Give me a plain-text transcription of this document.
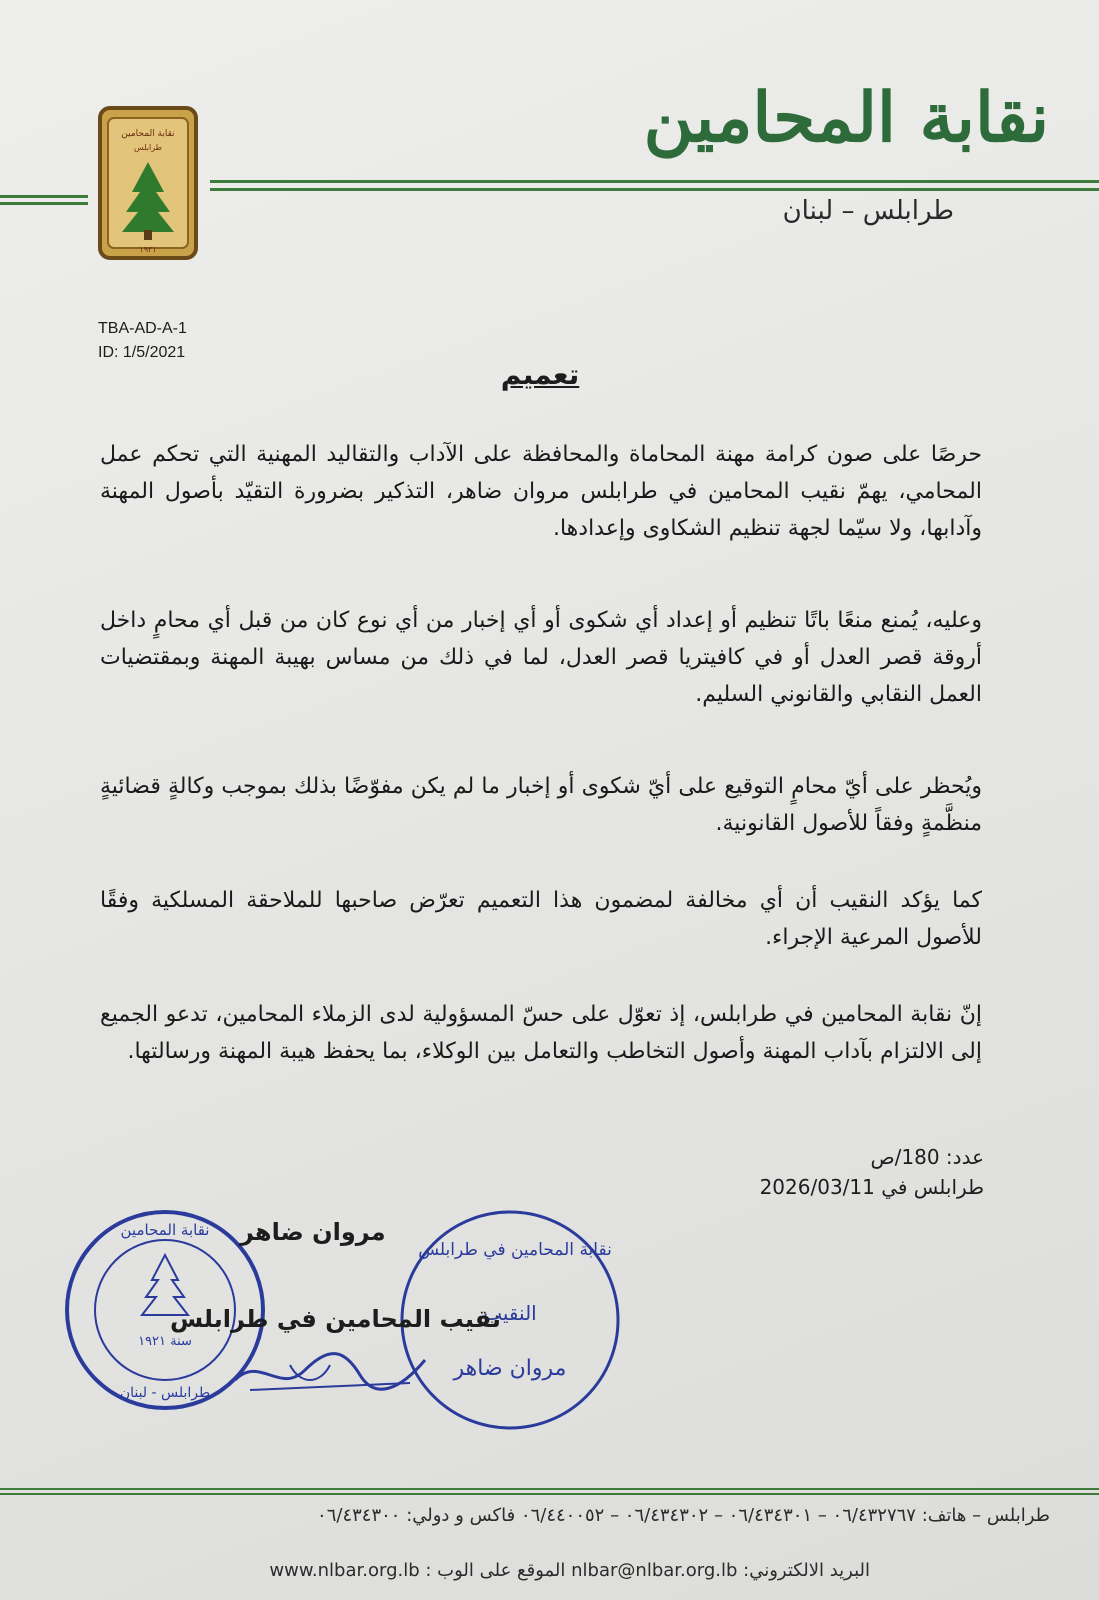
نقابة المحامين
طرابلس
١٩٢١
نقابة المحامين
طرابلس – لبنان
TBA-AD-A-1
ID: 1/5/2021
تعميم
حرصًا على صون كرامة مهنة المحاماة والمحافظة على الآداب والتقاليد المهنية التي تحكم عمل المحامي، يهمّ نقيب المحامين في طرابلس مروان ضاهر، التذكير بضرورة التقيّد بأصول المهنة وآدابها، ولا سيّما لجهة تنظيم الشكاوى وإعدادها.
وعليه، يُمنع منعًا باتًا تنظيم أو إعداد أي شكوى أو أي إخبار من أي نوع كان من قبل أي محامٍ داخل أروقة قصر العدل أو في كافيتريا قصر العدل، لما في ذلك من مساس بهيبة المهنة وبمقتضيات العمل النقابي والقانوني السليم.
ويُحظر على أيّ محامٍ التوقيع على أيّ شكوى أو إخبار ما لم يكن مفوّضًا بذلك بموجب وكالةٍ قضائيةٍ منظَّمةٍ وفقاً للأصول القانونية.
كما يؤكد النقيب أن أي مخالفة لمضمون هذا التعميم تعرّض صاحبها للملاحقة المسلكية وفقًا للأصول المرعية الإجراء.
إنّ نقابة المحامين في طرابلس، إذ تعوّل على حسّ المسؤولية لدى الزملاء المحامين، تدعو الجميع إلى الالتزام بآداب المهنة وأصول التخاطب والتعامل بين الوكلاء، بما يحفظ هيبة المهنة ورسالتها.
عدد: 180/ص
طرابلس في 2026/03/11
نقابة المحامين
سنة ١٩٢١
طرابلس - لبنان
نقابة المحامين في طرابلس
النقيب
مروان ضاهر
مروان ضاهر
نقيب المحامين في طرابلس
طرابلس – هاتف: ٠٦/٤٣٢٧٦٧ – ٠٦/٤٣٤٣٠١ – ٠٦/٤٣٤٣٠٢ – ٠٦/٤٤٠٠٥٢ فاكس و دولي: ٠٦/٤٣٤٣٠٠
البريد الالكتروني: nlbar@nlbar.org.lb الموقع على الوب : www.nlbar.org.lb
